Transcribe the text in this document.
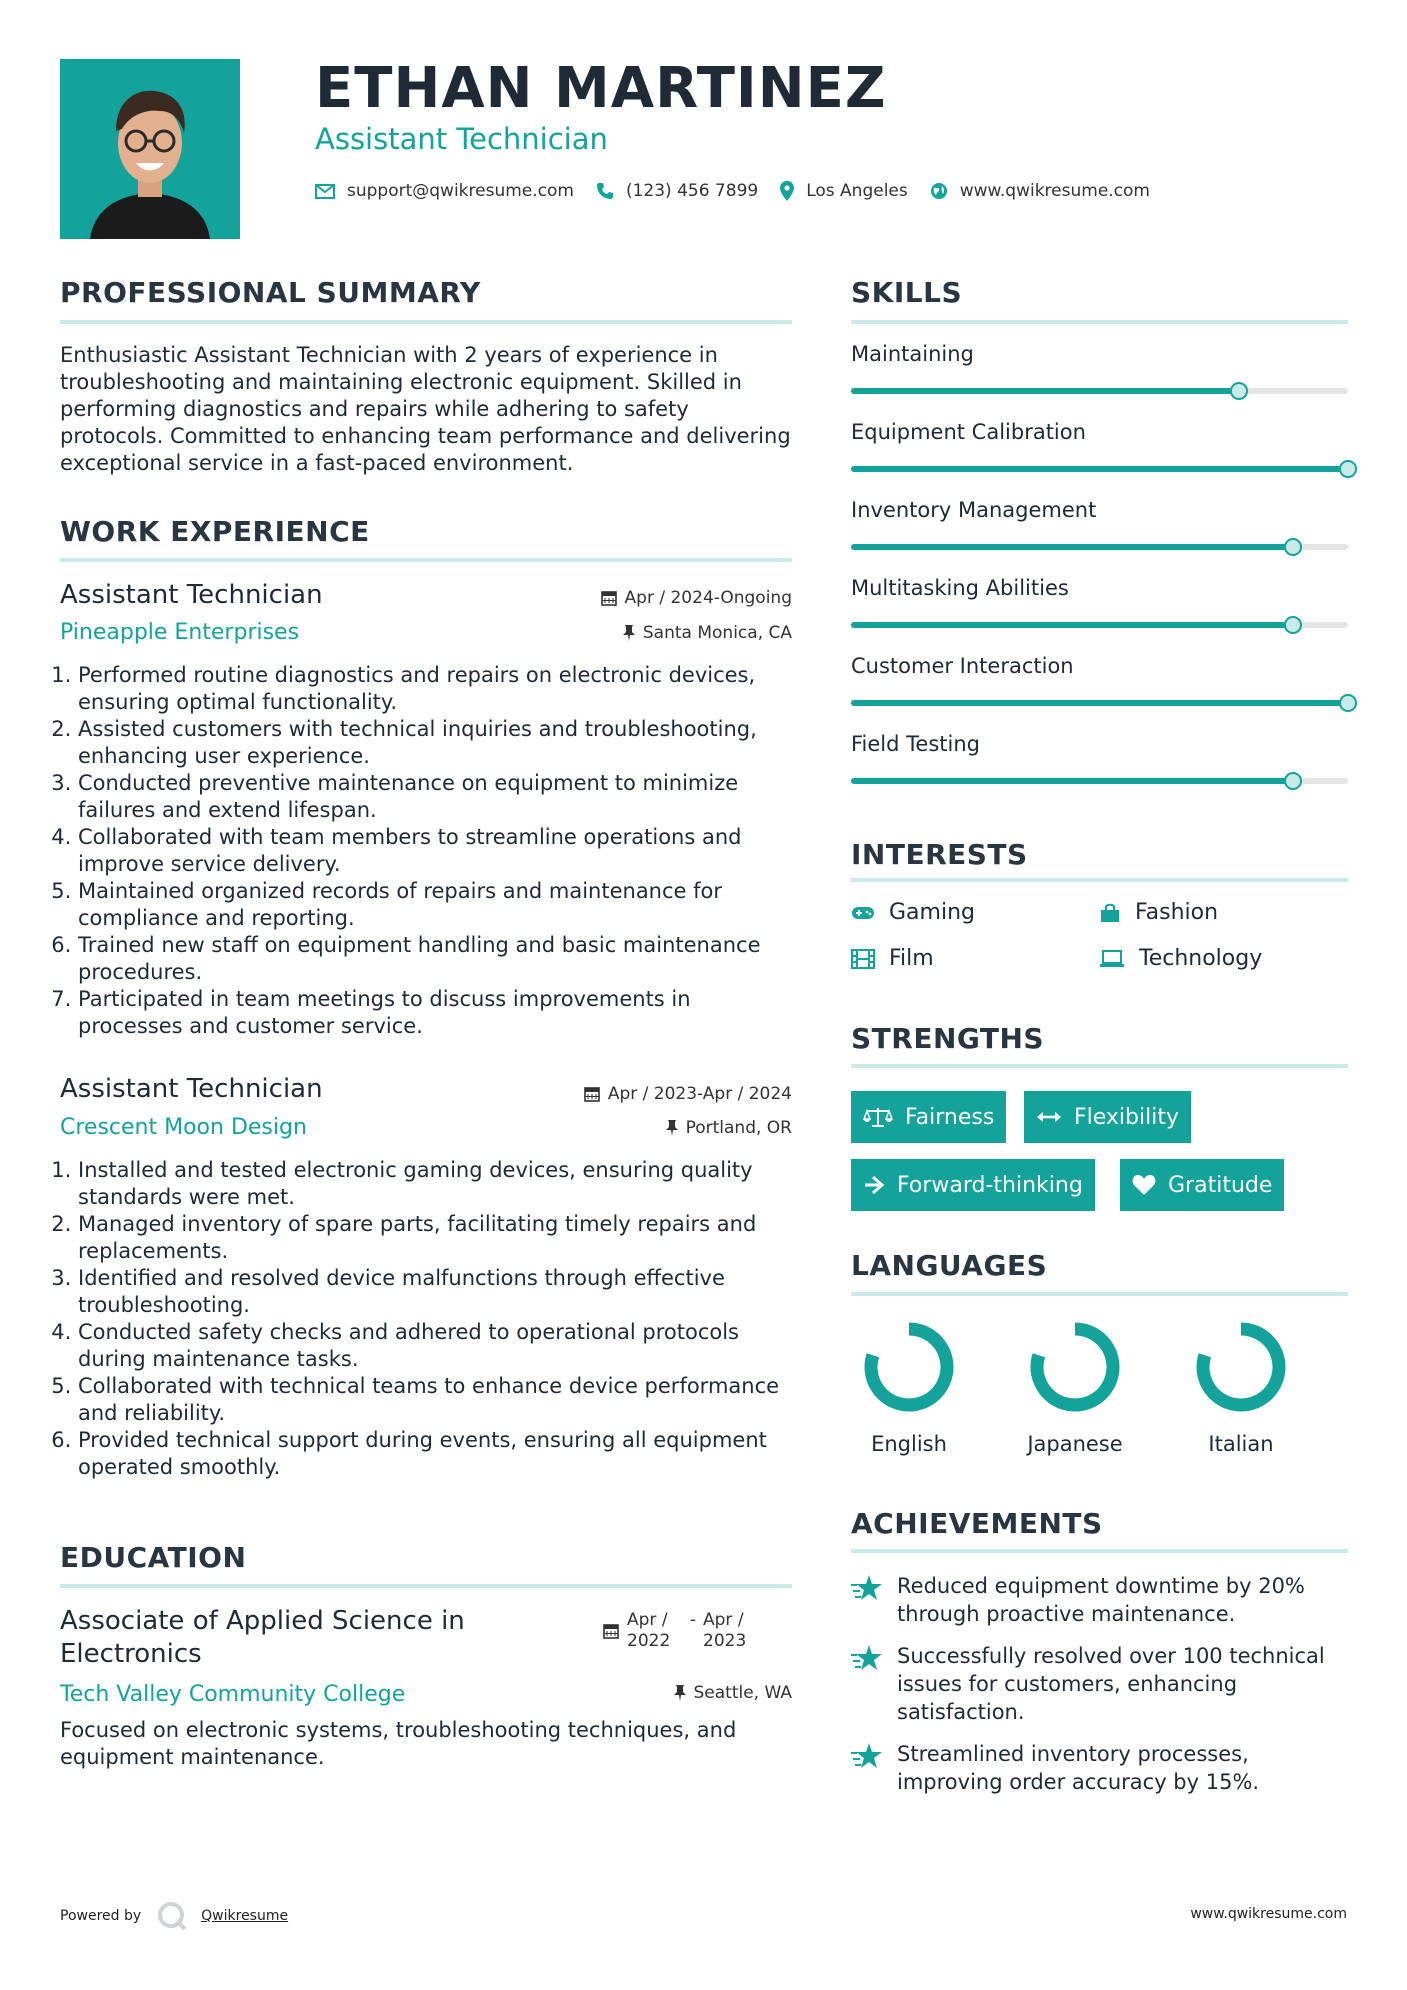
ETHAN MARTINEZ
Assistant Technician
support@qwikresume.com	(123) 456 7899	Los Angeles	www.qwikresume.com
PROFESSIONAL SUMMARY
Enthusiastic Assistant Technician with 2 years of experience in troubleshooting and maintaining electronic equipment. Skilled in performing diagnostics and repairs while adhering to safety protocols. Committed to enhancing team performance and delivering exceptional service in a fast-paced environment.
WORK EXPERIENCE
Assistant Technician	Apr / 2024-Ongoing
Pineapple Enterprises	Santa Monica, CA
1. Performed routine diagnostics and repairs on electronic devices, ensuring optimal functionality.
2. Assisted customers with technical inquiries and troubleshooting, enhancing user experience.
3. Conducted preventive maintenance on equipment to minimize failures and extend lifespan.
4. Collaborated with team members to streamline operations and improve service delivery.
5. Maintained organized records of repairs and maintenance for compliance and reporting.
6. Trained new staff on equipment handling and basic maintenance procedures.
7. Participated in team meetings to discuss improvements in processes and customer service.
Assistant Technician	Apr / 2023-Apr / 2024
Crescent Moon Design	Portland, OR
1. Installed and tested electronic gaming devices, ensuring quality standards were met.
2. Managed inventory of spare parts, facilitating timely repairs and replacements.
3. Identified and resolved device malfunctions through effective troubleshooting.
4. Conducted safety checks and adhered to operational protocols during maintenance tasks.
5. Collaborated with technical teams to enhance device performance and reliability.
6. Provided technical support during events, ensuring all equipment operated smoothly.
EDUCATION
Associate of Applied Science in Electronics
Apr / 2022
- Apr / 2023
Tech Valley Community College	Seattle, WA
Focused on electronic systems, troubleshooting techniques, and equipment maintenance.
SKILLS
Maintaining
Equipment Calibration
Inventory Management
Multitasking Abilities
Customer Interaction
Field Testing
INTERESTS
Gaming	Fashion
Film	Technology
STRENGTHS
Fairness	Flexibility
Forward-thinking	Gratitude
LANGUAGES
English	Japanese	Italian
ACHIEVEMENTS
Reduced equipment downtime by 20% through proactive maintenance.
Successfully resolved over 100 technical issues for customers, enhancing satisfaction.
Streamlined inventory processes, improving order accuracy by 15%.
Powered by	Qwikresume	www.qwikresume.com
